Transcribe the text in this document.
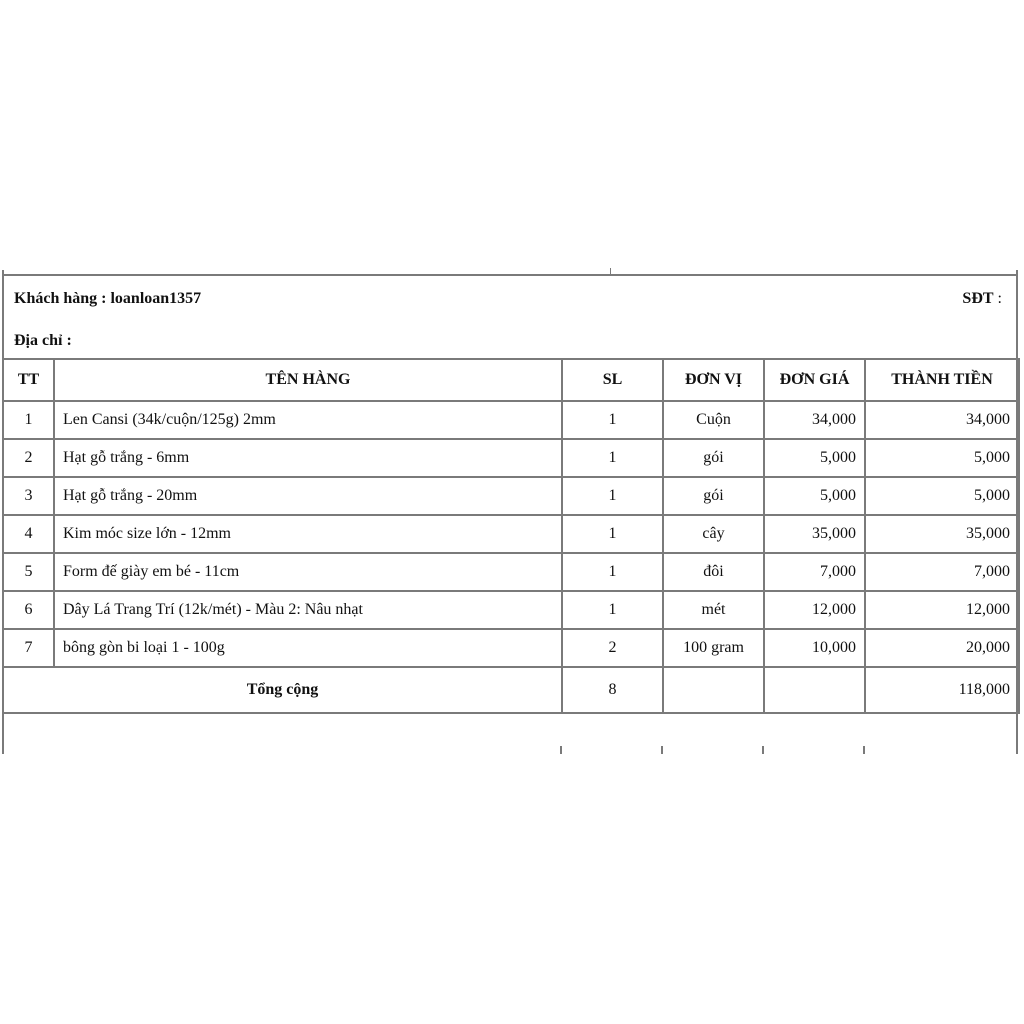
Khách hàng : loanloan1357	SĐT :
Địa chỉ :
TT	TÊN HÀNG	SL	ĐƠN VỊ	ĐƠN GIÁ	THÀNH TIỀN
1	Len Cansi (34k/cuộn/125g) 2mm	1	Cuộn	34,000	34,000
2	Hạt gỗ trắng - 6mm	1	gói	5,000	5,000
3	Hạt gỗ trắng - 20mm	1	gói	5,000	5,000
4	Kim móc size lớn - 12mm	1	cây	35,000	35,000
5	Form đế giày em bé - 11cm	1	đôi	7,000	7,000
6	Dây Lá Trang Trí (12k/mét) - Màu 2: Nâu nhạt	1	mét	12,000	12,000
7	bông gòn bi loại 1 - 100g	2	100 gram	10,000	20,000
Tổng cộng		8			118,000
